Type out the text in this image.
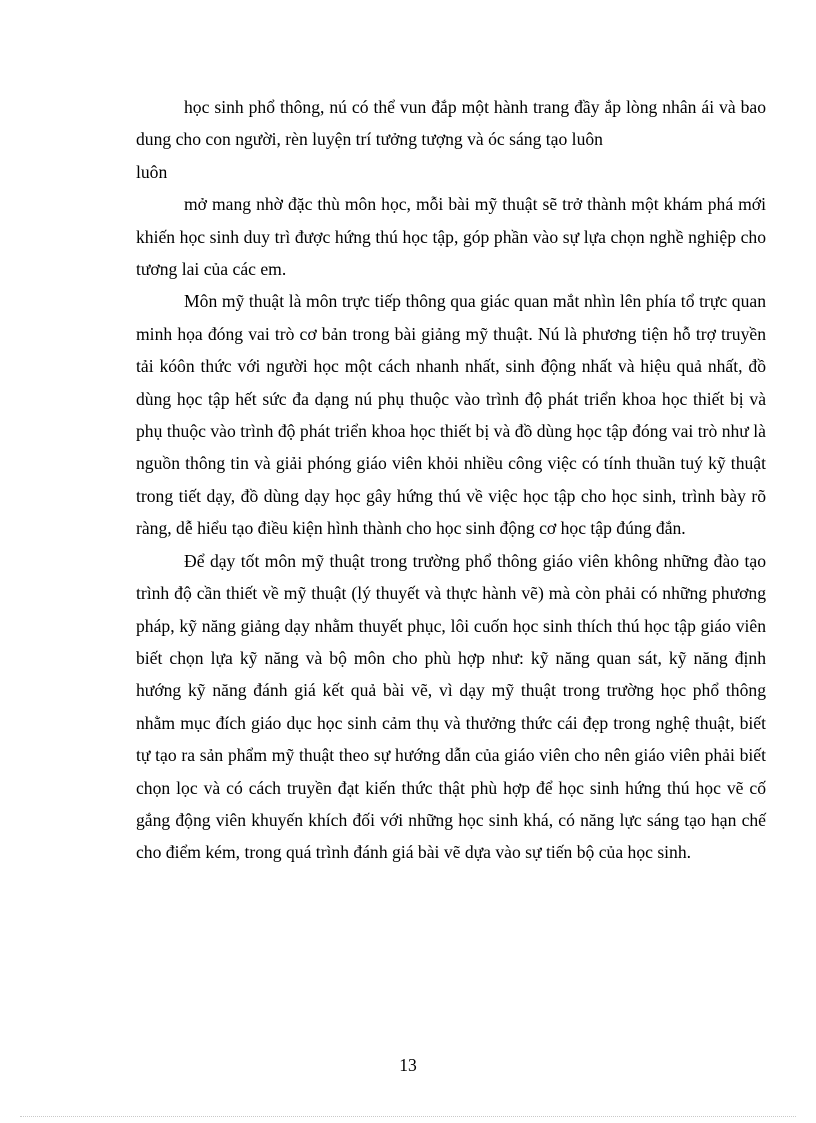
học sinh phổ thông, nú có thể vun đắp một hành trang đầy ắp lòng nhân ái và bao dung cho con người, rèn luyện trí tưởng tượng và óc sáng tạo luôn

luôn

mở mang nhờ đặc thù môn học, mỗi bài mỹ thuật sẽ trở thành một khám phá mới khiến học sinh duy trì được hứng thú học tập, góp phần vào sự lựa chọn nghề nghiệp cho tương lai của các em.

Môn mỹ thuật là môn trực tiếp thông qua giác quan mắt nhìn lên phía tổ trực quan minh họa đóng vai trò cơ bản trong bài giảng mỹ thuật. Nú là phương tiện hỗ trợ truyền tải kóôn thức với người học một cách nhanh nhất, sinh động nhất và hiệu quả nhất, đồ dùng học tập hết sức đa dạng nú phụ thuộc vào trình độ phát triển khoa học thiết bị và phụ thuộc vào trình độ phát triển khoa học thiết bị và đồ dùng học tập đóng vai trò như là nguồn thông tin và giải phóng giáo viên khỏi nhiều công việc có tính thuần tuý kỹ thuật trong tiết dạy, đồ dùng dạy học gây hứng thú về việc học tập cho học sinh, trình bày rõ ràng, dễ hiểu tạo điều kiện hình thành cho học sinh động cơ học tập đúng đắn.

Để dạy tốt môn mỹ thuật trong trường phổ thông giáo viên không những đào tạo trình độ cần thiết về mỹ thuật (lý thuyết và thực hành vẽ) mà còn phải có những phương pháp, kỹ năng giảng dạy nhằm thuyết phục, lôi cuốn học sinh thích thú học tập giáo viên biết chọn lựa kỹ năng và bộ môn cho phù hợp như: kỹ năng quan sát, kỹ năng định hướng kỹ năng đánh giá kết quả bài vẽ, vì dạy mỹ thuật trong trường học phổ thông nhằm mục đích giáo dục học sinh cảm thụ và thưởng thức cái đẹp trong nghệ thuật, biết tự tạo ra sản phẩm mỹ thuật theo sự hướng dẫn của giáo viên cho nên giáo viên phải biết chọn lọc và có cách truyền đạt kiến thức thật phù hợp để học sinh hứng thú học vẽ cố gắng động viên khuyến khích đối với những học sinh khá, có năng lực sáng tạo hạn chế cho điểm kém, trong quá trình đánh giá bài vẽ dựa vào sự tiến bộ của học sinh.

13
